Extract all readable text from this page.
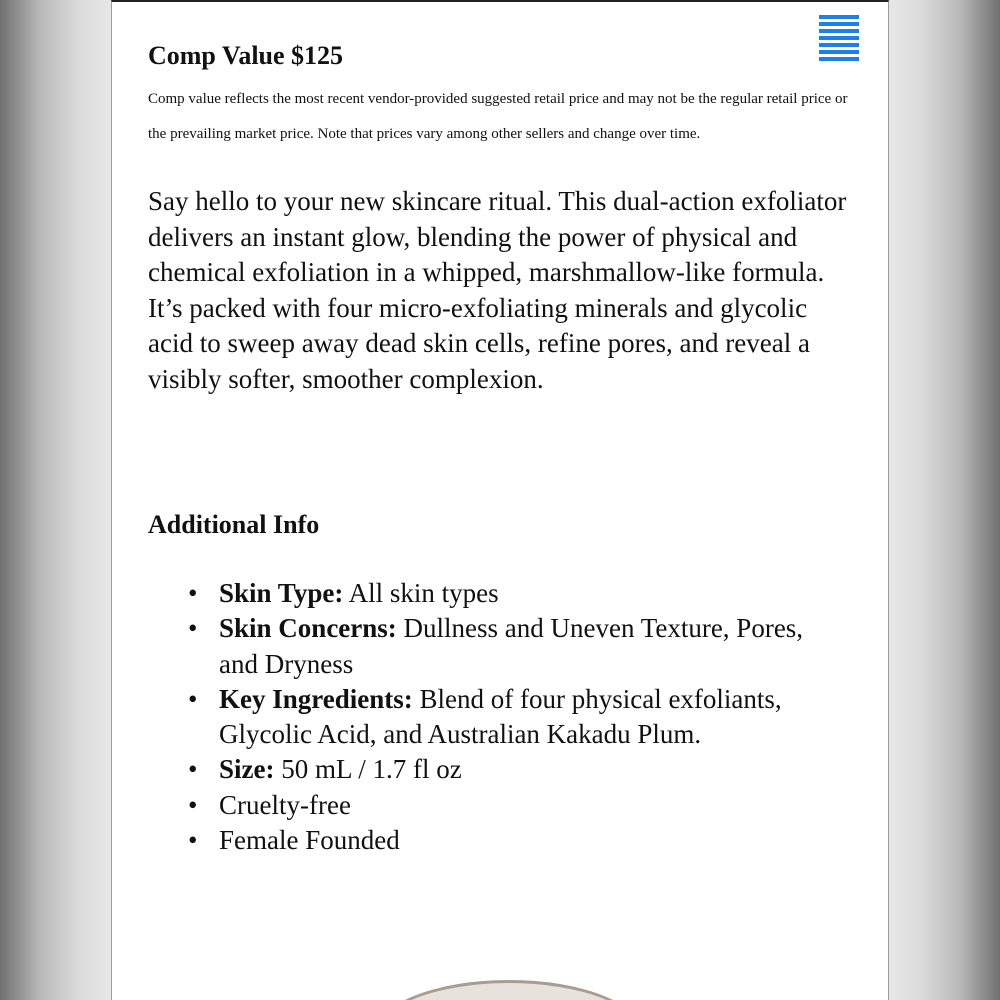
Comp Value $125

Comp value reflects the most recent vendor-provided suggested retail price and may not be the regular retail price or the prevailing market price. Note that prices vary among other sellers and change over time.

Say hello to your new skincare ritual. This dual-action exfoliator delivers an instant glow, blending the power of physical and chemical exfoliation in a whipped, marshmallow-like formula. It’s packed with four micro-exfoliating minerals and glycolic acid to sweep away dead skin cells, refine pores, and reveal a visibly softer, smoother complexion.

Additional Info
• Skin Type: All skin types
• Skin Concerns: Dullness and Uneven Texture, Pores, and Dryness
• Key Ingredients: Blend of four physical exfoliants, Glycolic Acid, and Australian Kakadu Plum.
• Size: 50 mL / 1.7 fl oz
• Cruelty-free
• Female Founded
